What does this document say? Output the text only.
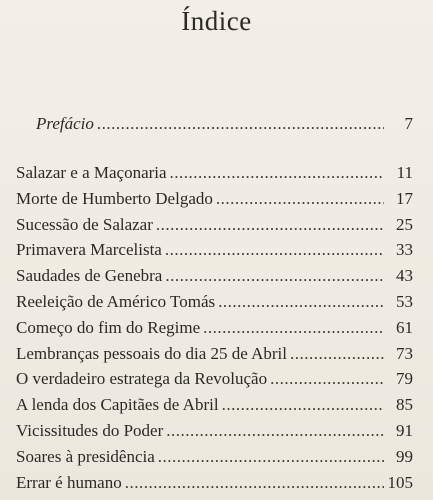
Índice
Prefácio .....	7
Salazar e a Maçonaria .....	11
Morte de Humberto Delgado .....	17
Sucessão de Salazar .....	25
Primavera Marcelista .....	33
Saudades de Genebra .....	43
Reeleição de Américo Tomás .....	53
Começo do fim do Regime .....	61
Lembranças pessoais do dia 25 de Abril .....	73
O verdadeiro estratega da Revolução .....	79
A lenda dos Capitães de Abril .....	85
Vicissitudes do Poder .....	91
Soares à presidência .....	99
Errar é humano .....	105
